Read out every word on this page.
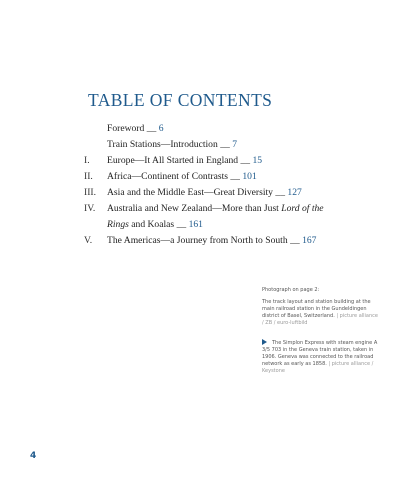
TABLE OF CONTENTS
Foreword __ 6
Train Stations—Introduction __ 7
I.	Europe—It All Started in England __ 15
II.	Africa—Continent of Contrasts __ 101
III.	Asia and the Middle East—Great Diversity __ 127
IV.	Australia and New Zealand—More than Just Lord of the
Rings and Koalas __ 161
V.	The Americas—a Journey from North to South __ 167
Photograph on page 2:
The track layout and station building at the main railroad station in the Gundeldingen district of Basel, Switzerland. | picture alliance / ZB / euro-luftbild
The Simplon Express with steam engine A 3/5 703 in the Geneva train station, taken in 1906. Geneva was connected to the railroad network as early as 1858. | picture alliance / Keystone
4
